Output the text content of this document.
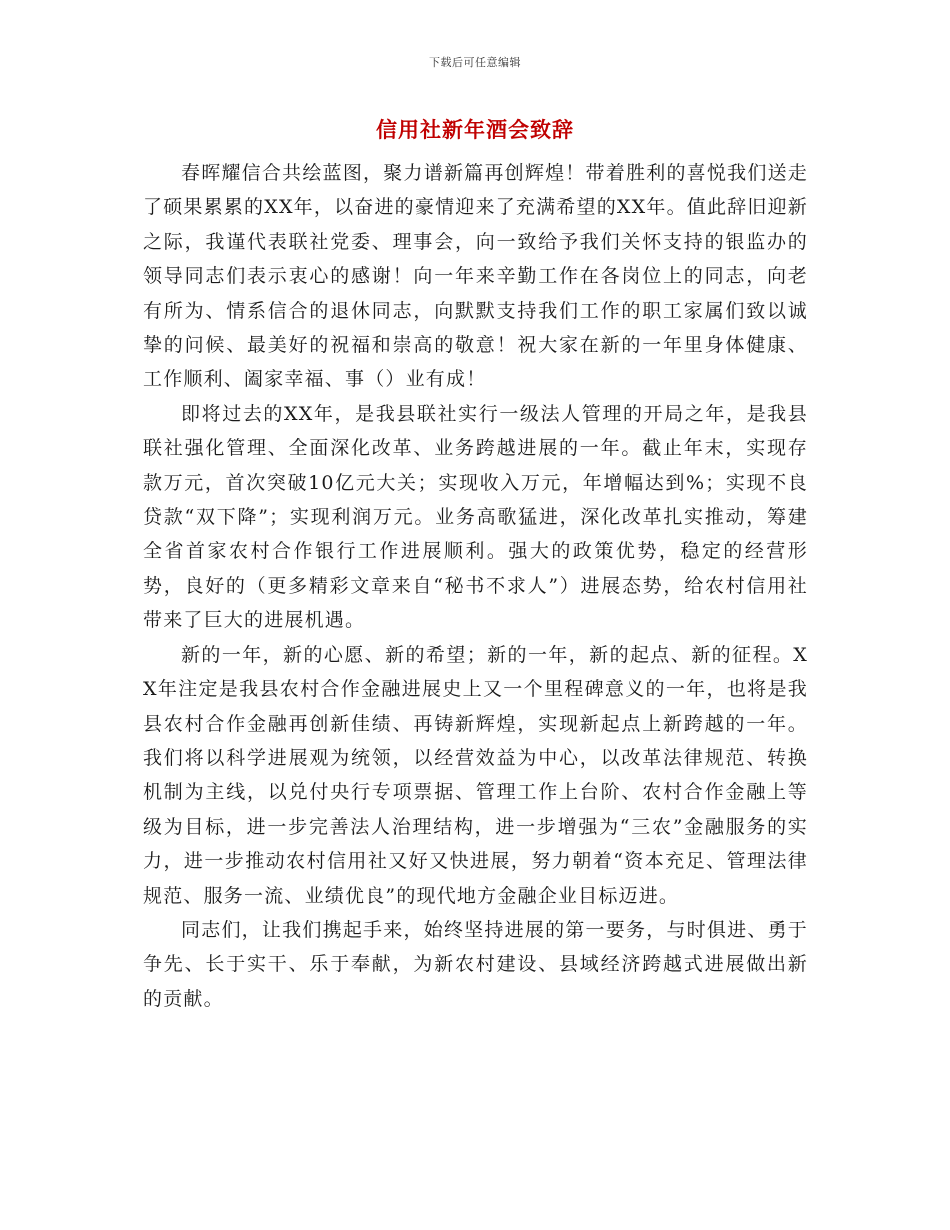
下载后可任意编辑
信用社新年酒会致辞

春晖耀信合共绘蓝图，聚力谱新篇再创辉煌！带着胜利的喜悦我们送走了硕果累累的XX年，以奋进的豪情迎来了充满希望的XX年。值此辞旧迎新之际，我谨代表联社党委、理事会，向一致给予我们关怀支持的银监办的领导同志们表示衷心的感谢！向一年来辛勤工作在各岗位上的同志，向老有所为、情系信合的退休同志，向默默支持我们工作的职工家属们致以诚挚的问候、最美好的祝福和崇高的敬意！祝大家在新的一年里身体健康、工作顺利、阖家幸福、事（）业有成！

即将过去的XX年，是我县联社实行一级法人管理的开局之年，是我县联社强化管理、全面深化改革、业务跨越进展的一年。截止年末，实现存款万元，首次突破10亿元大关；实现收入万元，年增幅达到%；实现不良贷款“双下降”；实现利润万元。业务高歌猛进，深化改革扎实推动，筹建全省首家农村合作银行工作进展顺利。强大的政策优势，稳定的经营形势，良好的（更多精彩文章来自“秘书不求人”）进展态势，给农村信用社带来了巨大的进展机遇。

新的一年，新的心愿、新的希望；新的一年，新的起点、新的征程。XX年注定是我县农村合作金融进展史上又一个里程碑意义的一年，也将是我县农村合作金融再创新佳绩、再铸新辉煌，实现新起点上新跨越的一年。我们将以科学进展观为统领，以经营效益为中心，以改革法律规范、转换机制为主线，以兑付央行专项票据、管理工作上台阶、农村合作金融上等级为目标，进一步完善法人治理结构，进一步增强为“三农”金融服务的实力，进一步推动农村信用社又好又快进展，努力朝着“资本充足、管理法律规范、服务一流、业绩优良”的现代地方金融企业目标迈进。

同志们，让我们携起手来，始终坚持进展的第一要务，与时俱进、勇于争先、长于实干、乐于奉献，为新农村建设、县域经济跨越式进展做出新的贡献。
